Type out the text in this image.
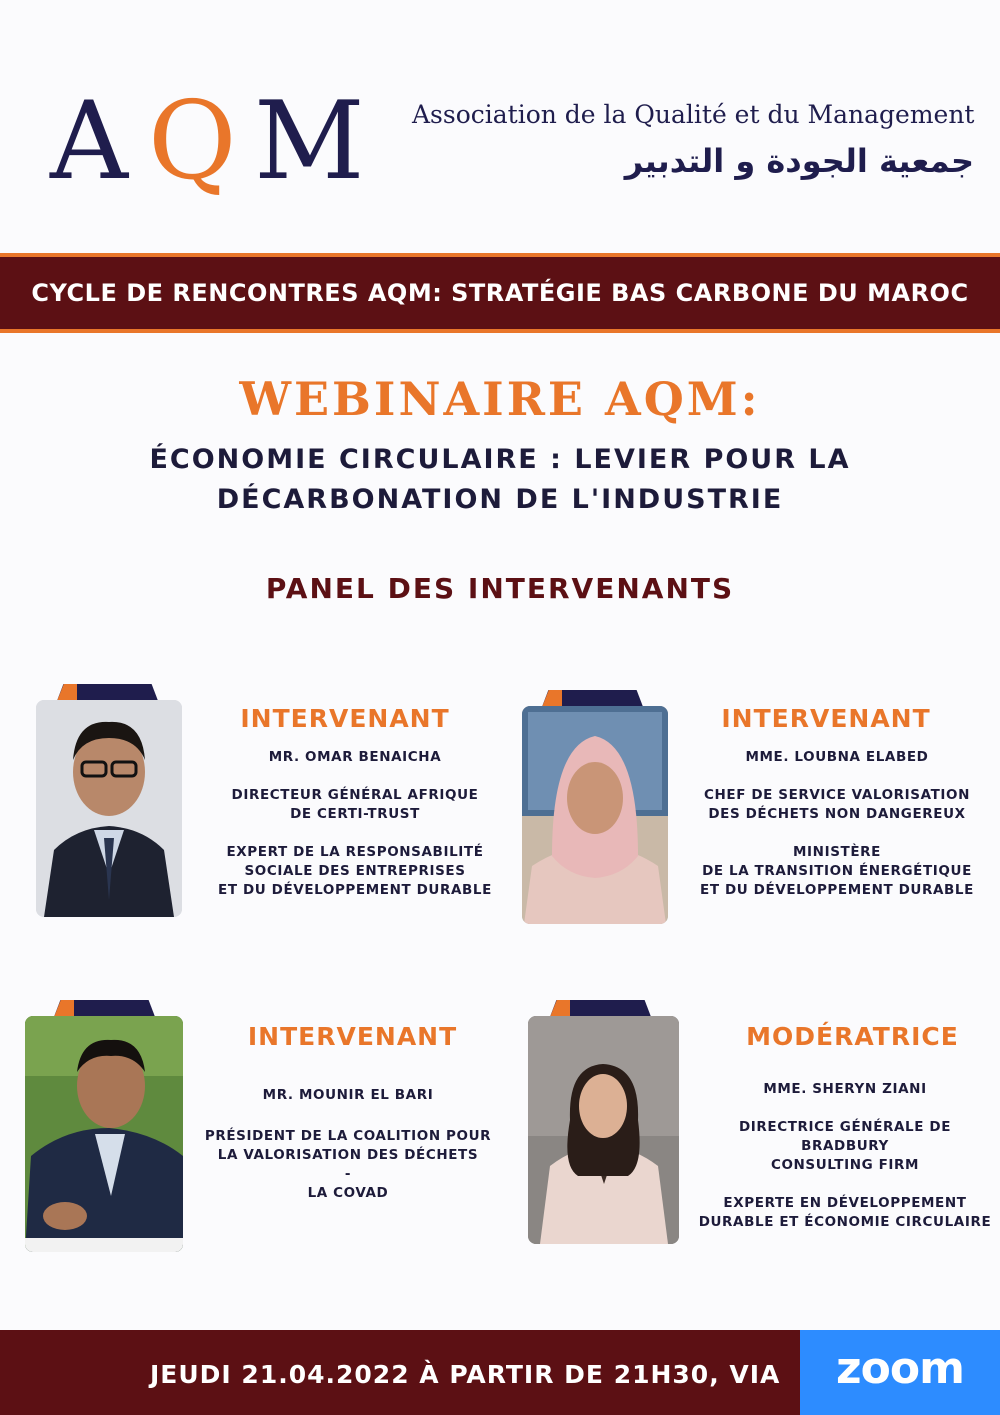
A Q M Association de la Qualité et du Management
جمعية الجودة و التدبير
CYCLE DE RENCONTRES AQM: STRATÉGIE BAS CARBONE DU MAROC
WEBINAIRE AQM:
ÉCONOMIE CIRCULAIRE : LEVIER POUR LA
DÉCARBONATION DE L'INDUSTRIE
PANEL DES INTERVENANTS
INTERVENANT

MR. OMAR BENAICHA

DIRECTEUR GÉNÉRAL AFRIQUE

DE CERTI-TRUST

EXPERT DE LA RESPONSABILITÉ

SOCIALE DES ENTREPRISES

ET DU DÉVELOPPEMENT DURABLE

INTERVENANT

MME. LOUBNA ELABED

CHEF DE SERVICE VALORISATION

DES DÉCHETS NON DANGEREUX

MINISTÈRE

DE LA TRANSITION ÉNERGÉTIQUE

ET DU DÉVELOPPEMENT DURABLE

INTERVENANT

MR. MOUNIR EL BARI

PRÉSIDENT DE LA COALITION POUR

LA VALORISATION DES DÉCHETS

-

LA COVAD

MODÉRATRICE

MME. SHERYN ZIANI

DIRECTRICE GÉNÉRALE DE BRADBURY

CONSULTING FIRM

EXPERTE EN DÉVELOPPEMENT

DURABLE ET ÉCONOMIE CIRCULAIRE

JEUDI 21.04.2022 À PARTIR DE 21H30, VIA	zoom
